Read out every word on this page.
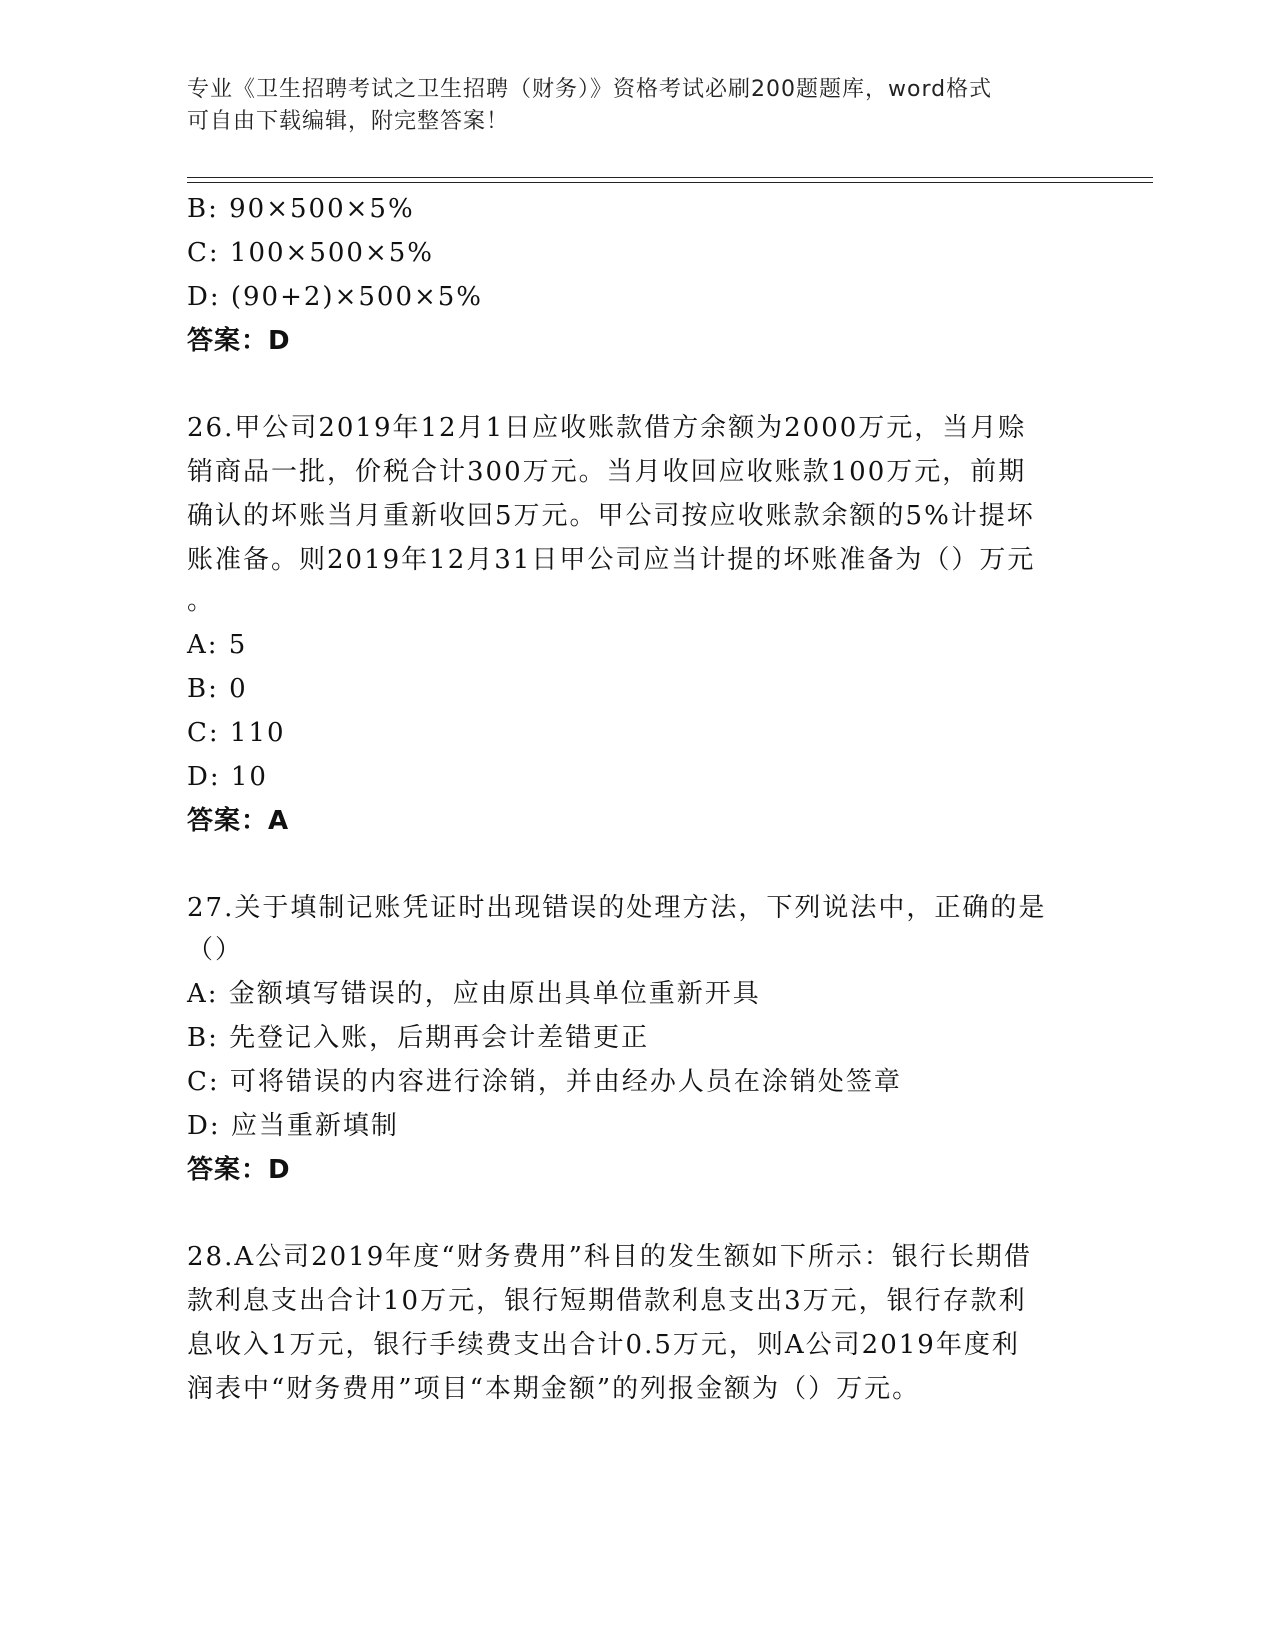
专业《卫生招聘考试之卫生招聘（财务）》资格考试必刷200题题库，word格式
可自由下载编辑，附完整答案！
B: 90×500×5%
C: 100×500×5%
D: (90+2)×500×5%
答案：D
26.甲公司2019年12月1日应收账款借方余额为2000万元，当月赊
销商品一批，价税合计300万元。当月收回应收账款100万元，前期
确认的坏账当月重新收回5万元。甲公司按应收账款余额的5%计提坏
账准备。则2019年12月31日甲公司应当计提的坏账准备为（）万元
。
A: 5
B: 0
C: 110
D: 10
答案：A
27.关于填制记账凭证时出现错误的处理方法，下列说法中，正确的是
（）
A: 金额填写错误的，应由原出具单位重新开具
B: 先登记入账，后期再会计差错更正
C: 可将错误的内容进行涂销，并由经办人员在涂销处签章
D: 应当重新填制
答案：D
28.A公司2019年度“财务费用”科目的发生额如下所示：银行长期借
款利息支出合计10万元，银行短期借款利息支出3万元，银行存款利
息收入1万元，银行手续费支出合计0.5万元，则A公司2019年度利
润表中“财务费用”项目“本期金额”的列报金额为（）万元。
